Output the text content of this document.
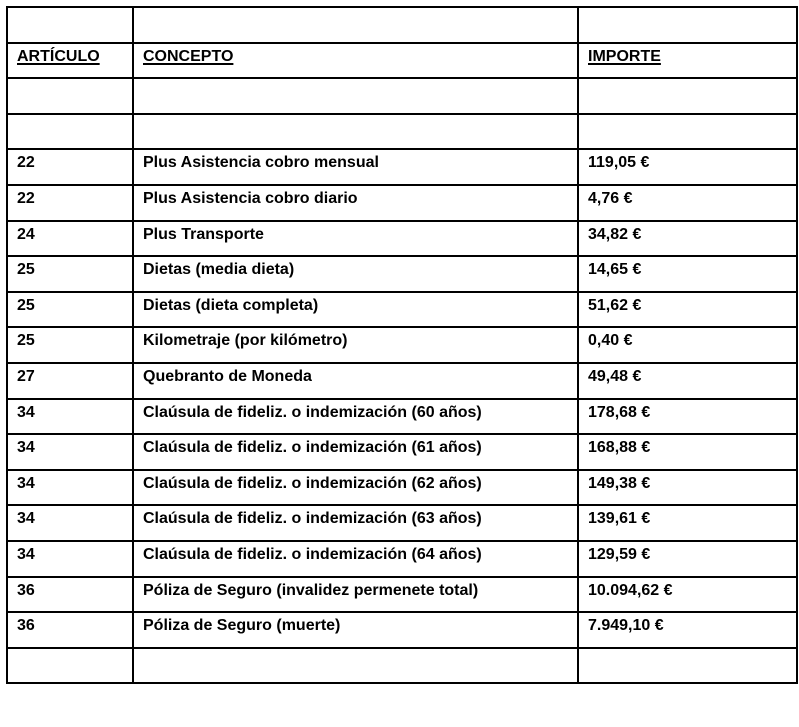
ARTÍCULO	CONCEPTO	IMPORTE

22	Plus Asistencia cobro mensual	119,05 €

22	Plus Asistencia cobro diario	4,76 €

24	Plus Transporte	34,82 €

25	Dietas (media dieta)	14,65 €

25	Dietas (dieta completa)	51,62 €

25	Kilometraje (por kilómetro)	0,40 €

27	Quebranto de Moneda	49,48 €

34	Claúsula de fideliz. o indemización (60 años)	178,68 €

34	Claúsula de fideliz. o indemización (61 años)	168,88 €

34	Claúsula de fideliz. o indemización (62 años)	149,38 €

34	Claúsula de fideliz. o indemización (63 años)	139,61 €

34	Claúsula de fideliz. o indemización (64 años)	129,59 €

36	Póliza de Seguro (invalidez permenete total)	10.094,62 €

36	Póliza de Seguro (muerte)	7.949,10 €
